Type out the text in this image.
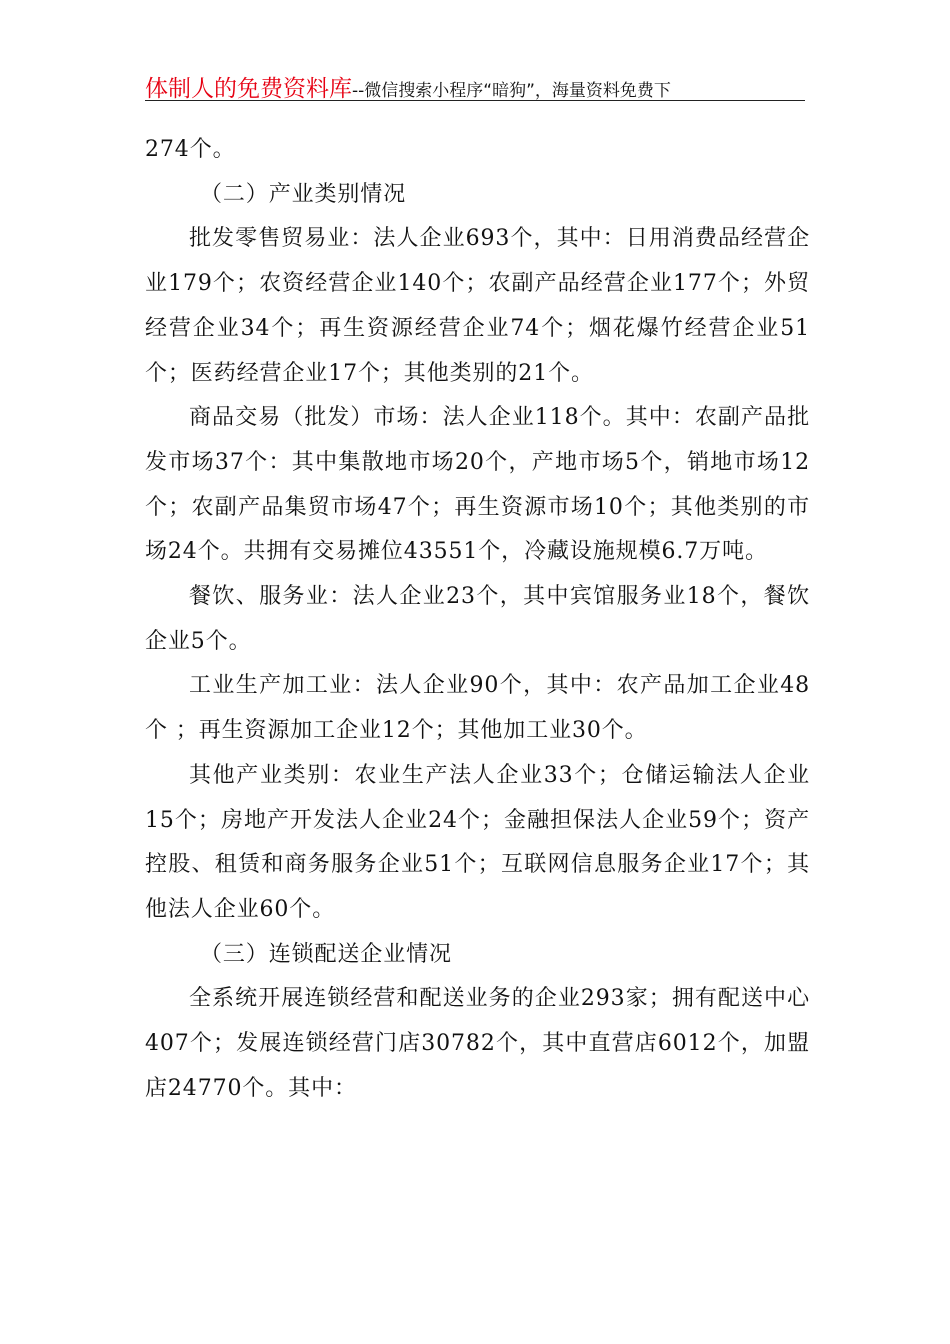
体制人的免费资料库--微信搜索小程序“暗狗”，海量资料免费下

274个。

（二）产业类别情况

批发零售贸易业：法人企业693个，其中：日用消费品经营企业179个；农资经营企业140个；农副产品经营企业177个；外贸经营企业34个；再生资源经营企业74个；烟花爆竹经营企业51个；医药经营企业17个；其他类别的21个。

商品交易（批发）市场：法人企业118个。其中：农副产品批发市场37个：其中集散地市场20个，产地市场5个，销地市场12个；农副产品集贸市场47个；再生资源市场10个；其他类别的市场24个。共拥有交易摊位43551个，冷藏设施规模6.7万吨。

餐饮、服务业：法人企业23个，其中宾馆服务业18个，餐饮企业5个。

工业生产加工业：法人企业90个，其中：农产品加工企业48个 ；再生资源加工企业12个；其他加工业30个。

其他产业类别：农业生产法人企业33个；仓储运输法人企业15个；房地产开发法人企业24个；金融担保法人企业59个；资产控股、租赁和商务服务企业51个；互联网信息服务企业17个；其他法人企业60个。

（三）连锁配送企业情况

全系统开展连锁经营和配送业务的企业293家；拥有配送中心407个；发展连锁经营门店30782个，其中直营店6012个，加盟店24770个。其中：
